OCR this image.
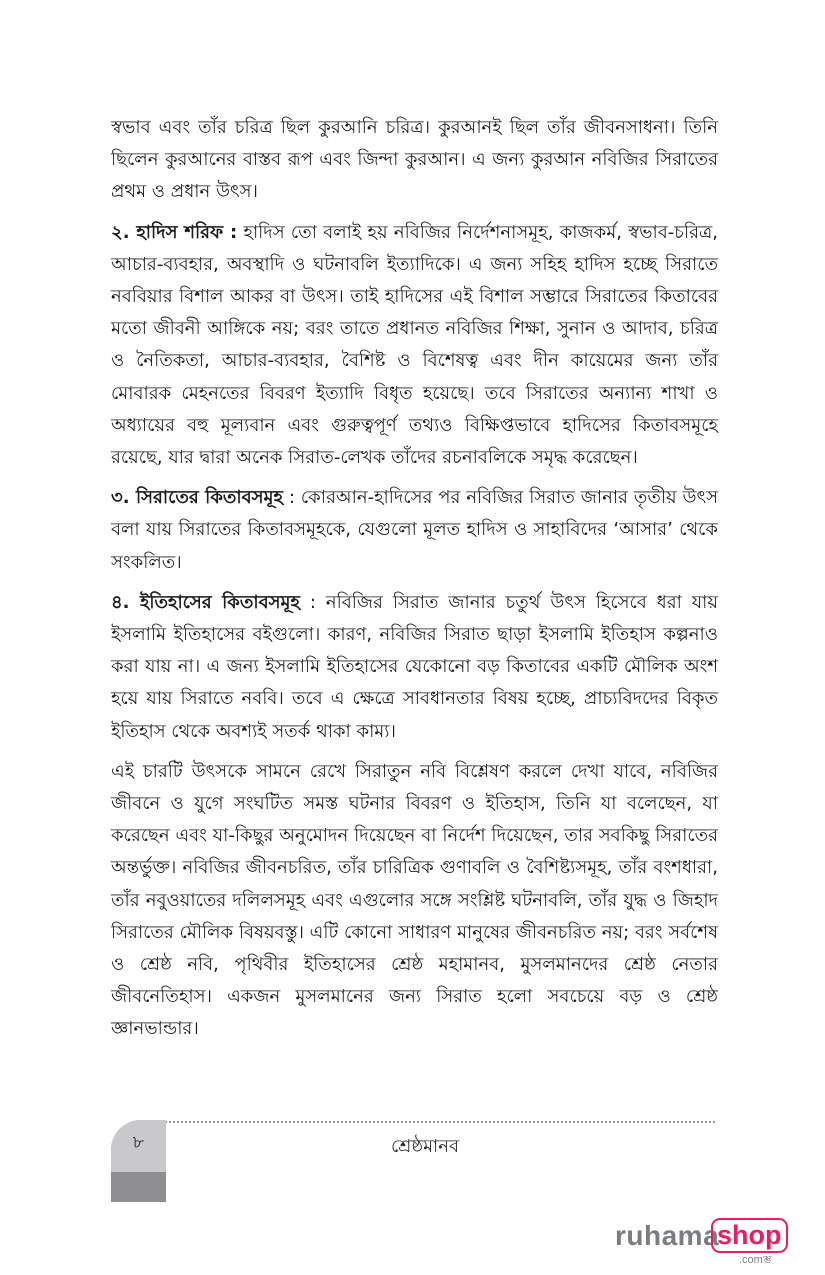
স্বভাব এবং তাঁর চরিত্র ছিল কুরআনি চরিত্র। কুরআনই ছিল তাঁর জীবনসাধনা। তিনি ছিলেন কুরআনের বাস্তব রূপ এবং জিন্দা কুরআন। এ জন্য কুরআন নবিজির সিরাতের প্রথম ও প্রধান উৎস।

২. হাদিস শরিফ : হাদিস তো বলাই হয় নবিজির নির্দেশনাসমূহ, কাজকর্ম, স্বভাব-চরিত্র, আচার-ব্যবহার, অবস্থাদি ও ঘটনাবলি ইত্যাদিকে। এ জন্য সহিহ হাদিস হচ্ছে সিরাতে নববিয়ার বিশাল আকর বা উৎস। তাই হাদিসের এই বিশাল সম্ভারে সিরাতের কিতাবের মতো জীবনী আঙ্গিকে নয়; বরং তাতে প্রধানত নবিজির শিক্ষা, সুনান ও আদাব, চরিত্র ও নৈতিকতা, আচার-ব্যবহার, বৈশিষ্ট ও বিশেষত্ব এবং দীন কায়েমের জন্য তাঁর মোবারক মেহনতের বিবরণ ইত্যাদি বিধৃত হয়েছে। তবে সিরাতের অন্যান্য শাখা ও অধ্যায়ের বহু মূল্যবান এবং গুরুত্বপূর্ণ তথ্যও বিক্ষিপ্তভাবে হাদিসের কিতাবসমূহে রয়েছে, যার দ্বারা অনেক সিরাত-লেখক তাঁদের রচনাবলিকে সমৃদ্ধ করেছেন।

৩. সিরাতের কিতাবসমূহ : কোরআন-হাদিসের পর নবিজির সিরাত জানার তৃতীয় উৎস বলা যায় সিরাতের কিতাবসমূহকে, যেগুলো মূলত হাদিস ও সাহাবিদের ‘আসার’ থেকে সংকলিত।

৪. ইতিহাসের কিতাবসমূহ : নবিজির সিরাত জানার চতুর্থ উৎস হিসেবে ধরা যায় ইসলামি ইতিহাসের বইগুলো। কারণ, নবিজির সিরাত ছাড়া ইসলামি ইতিহাস কল্পনাও করা যায় না। এ জন্য ইসলামি ইতিহাসের যেকোনো বড় কিতাবের একটি মৌলিক অংশ হয়ে যায় সিরাতে নববি। তবে এ ক্ষেত্রে সাবধানতার বিষয় হচ্ছে, প্রাচ্যবিদদের বিকৃত ইতিহাস থেকে অবশ্যই সতর্ক থাকা কাম্য।

এই চারটি উৎসকে সামনে রেখে সিরাতুন নবি বিশ্লেষণ করলে দেখা যাবে, নবিজির জীবনে ও যুগে সংঘটিত সমস্ত ঘটনার বিবরণ ও ইতিহাস, তিনি যা বলেছেন, যা করেছেন এবং যা-কিছুর অনুমোদন দিয়েছেন বা নির্দেশ দিয়েছেন, তার সবকিছু সিরাতের অন্তর্ভুক্ত। নবিজির জীবনচরিত, তাঁর চারিত্রিক গুণাবলি ও বৈশিষ্ট্যসমূহ, তাঁর বংশধারা, তাঁর নবুওয়াতের দলিলসমূহ এবং এগুলোর সঙ্গে সংশ্লিষ্ট ঘটনাবলি, তাঁর যুদ্ধ ও জিহাদ সিরাতের মৌলিক বিষয়বস্তু। এটি কোনো সাধারণ মানুষের জীবনচরিত নয়; বরং সর্বশেষ ও শ্রেষ্ঠ নবি, পৃথিবীর ইতিহাসের শ্রেষ্ঠ মহামানব, মুসলমানদের শ্রেষ্ঠ নেতার জীবনেতিহাস। একজন মুসলমানের জন্য সিরাত হলো সবচেয়ে বড় ও শ্রেষ্ঠ জ্ঞানভান্ডার।

৮	শ্রেষ্ঠমানব
ruhama
shop
.comম্ভ
